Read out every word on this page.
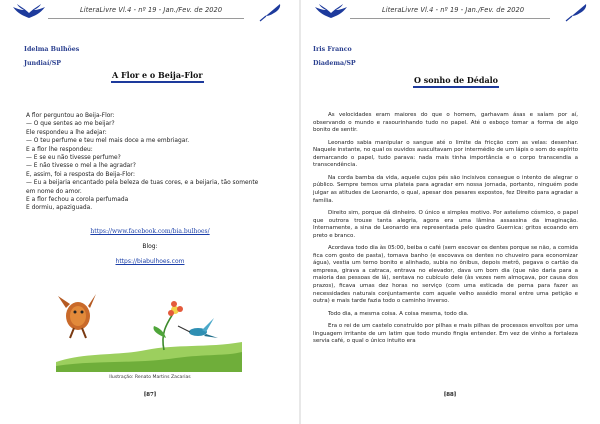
LiteraLivre Vl.4 - nº 19 - Jan./Fev. de 2020
Idelma Bulhões
Jundiaí/SP
A Flor e o Beija-Flor
A flor perguntou ao Beija-Flor:
— O que sentes ao me beijar?
Ele respondeu a lhe adejar:
— O teu perfume e teu mel mais doce a me embriagar.
E a flor lhe respondeu:
— E se eu não tivesse perfume?
— E não tivesse o mel a lhe agradar?
E, assim, foi a resposta do Beija-Flor:
— Eu a beijaria encantado pela beleza de tuas cores, e a beijaria, tão somente
em nome do amor.
E a flor fechou a corola perfumada
E dormiu, apaziguada.
https://www.facebook.com/bia.bulhoes/
Blog:
https://biabulhoes.com
Ilustração: Renato Martins Zacarias
[87]
LiteraLivre Vl.4 - nº 19 - Jan./Fev. de 2020
Iris Franco
Diadema/SP
O sonho de Dédalo
[88]

As velocidades eram maiores do que o homem, garhavam ásas e saíam por aí, observando o mundo e rasourinhando tudo no papel. Até o esboço tomar a forma de algo bonito de sentir.

Leonardo sabia manipular o sangue até o limite da fricção com as velas: desenhar. Naquele instante, no qual os ouvidos auscultavam por intermédio de um lápis o som do espírito demarcando o papel, tudo parava: nada mais tinha importância e o corpo transcendia a transcendência.

Na corda bamba da vida, aquele cujos pés são incisivos consegue o intento de alegrar o público. Sempre temos uma plateia para agradar em nossa jornada, portanto, ninguém pode julgar as atitudes de Leonardo, o qual, apesar dos pesares expostos, fez Direito para agradar a família.

Direito sim, porque dá dinheiro. O único e simples motivo. Por asteísmo cósmico, o papel que outrora trouxe tanta alegria, agora era uma lâmina assassina da imaginação. Internamente, a sina de Leonardo era representada pelo quadro Guernica: gritos ecoando em preto e branco.

Acordava todo dia às 05:00, beiba o café (sem escovar os dentes porque se não, a comida fica com gosto de pasta), tomava banho (e escovava os dentes no chuveiro para economizar água), vestia um terno bonito e alinhado, subia no ônibus, depois metrô, pegava o cartão da empresa, girava a catraca, entrava no elevador, dava um bom dia (que não daria para a maioria das pessoas de lá), sentava no cubículo dele (às vezes nem almoçava, por causa dos prazos), ficava umas dez horas no serviço (com uma esticada de perna para fazer as necessidades naturais conjuntamente com aquele velho assédio moral entre uma petição e outra) e mais tarde fazia todo o caminho inverso.

Todo dia, a mesma coisa. A coisa mesma, todo dia.

Era o rei de um castelo construído por pilhas e mais pilhas de processos envoltos por uma linguagem irritante de um latim que todo mundo fingia entender. Em vez de vinho a fortaleza servia café, o qual o único intuito era
